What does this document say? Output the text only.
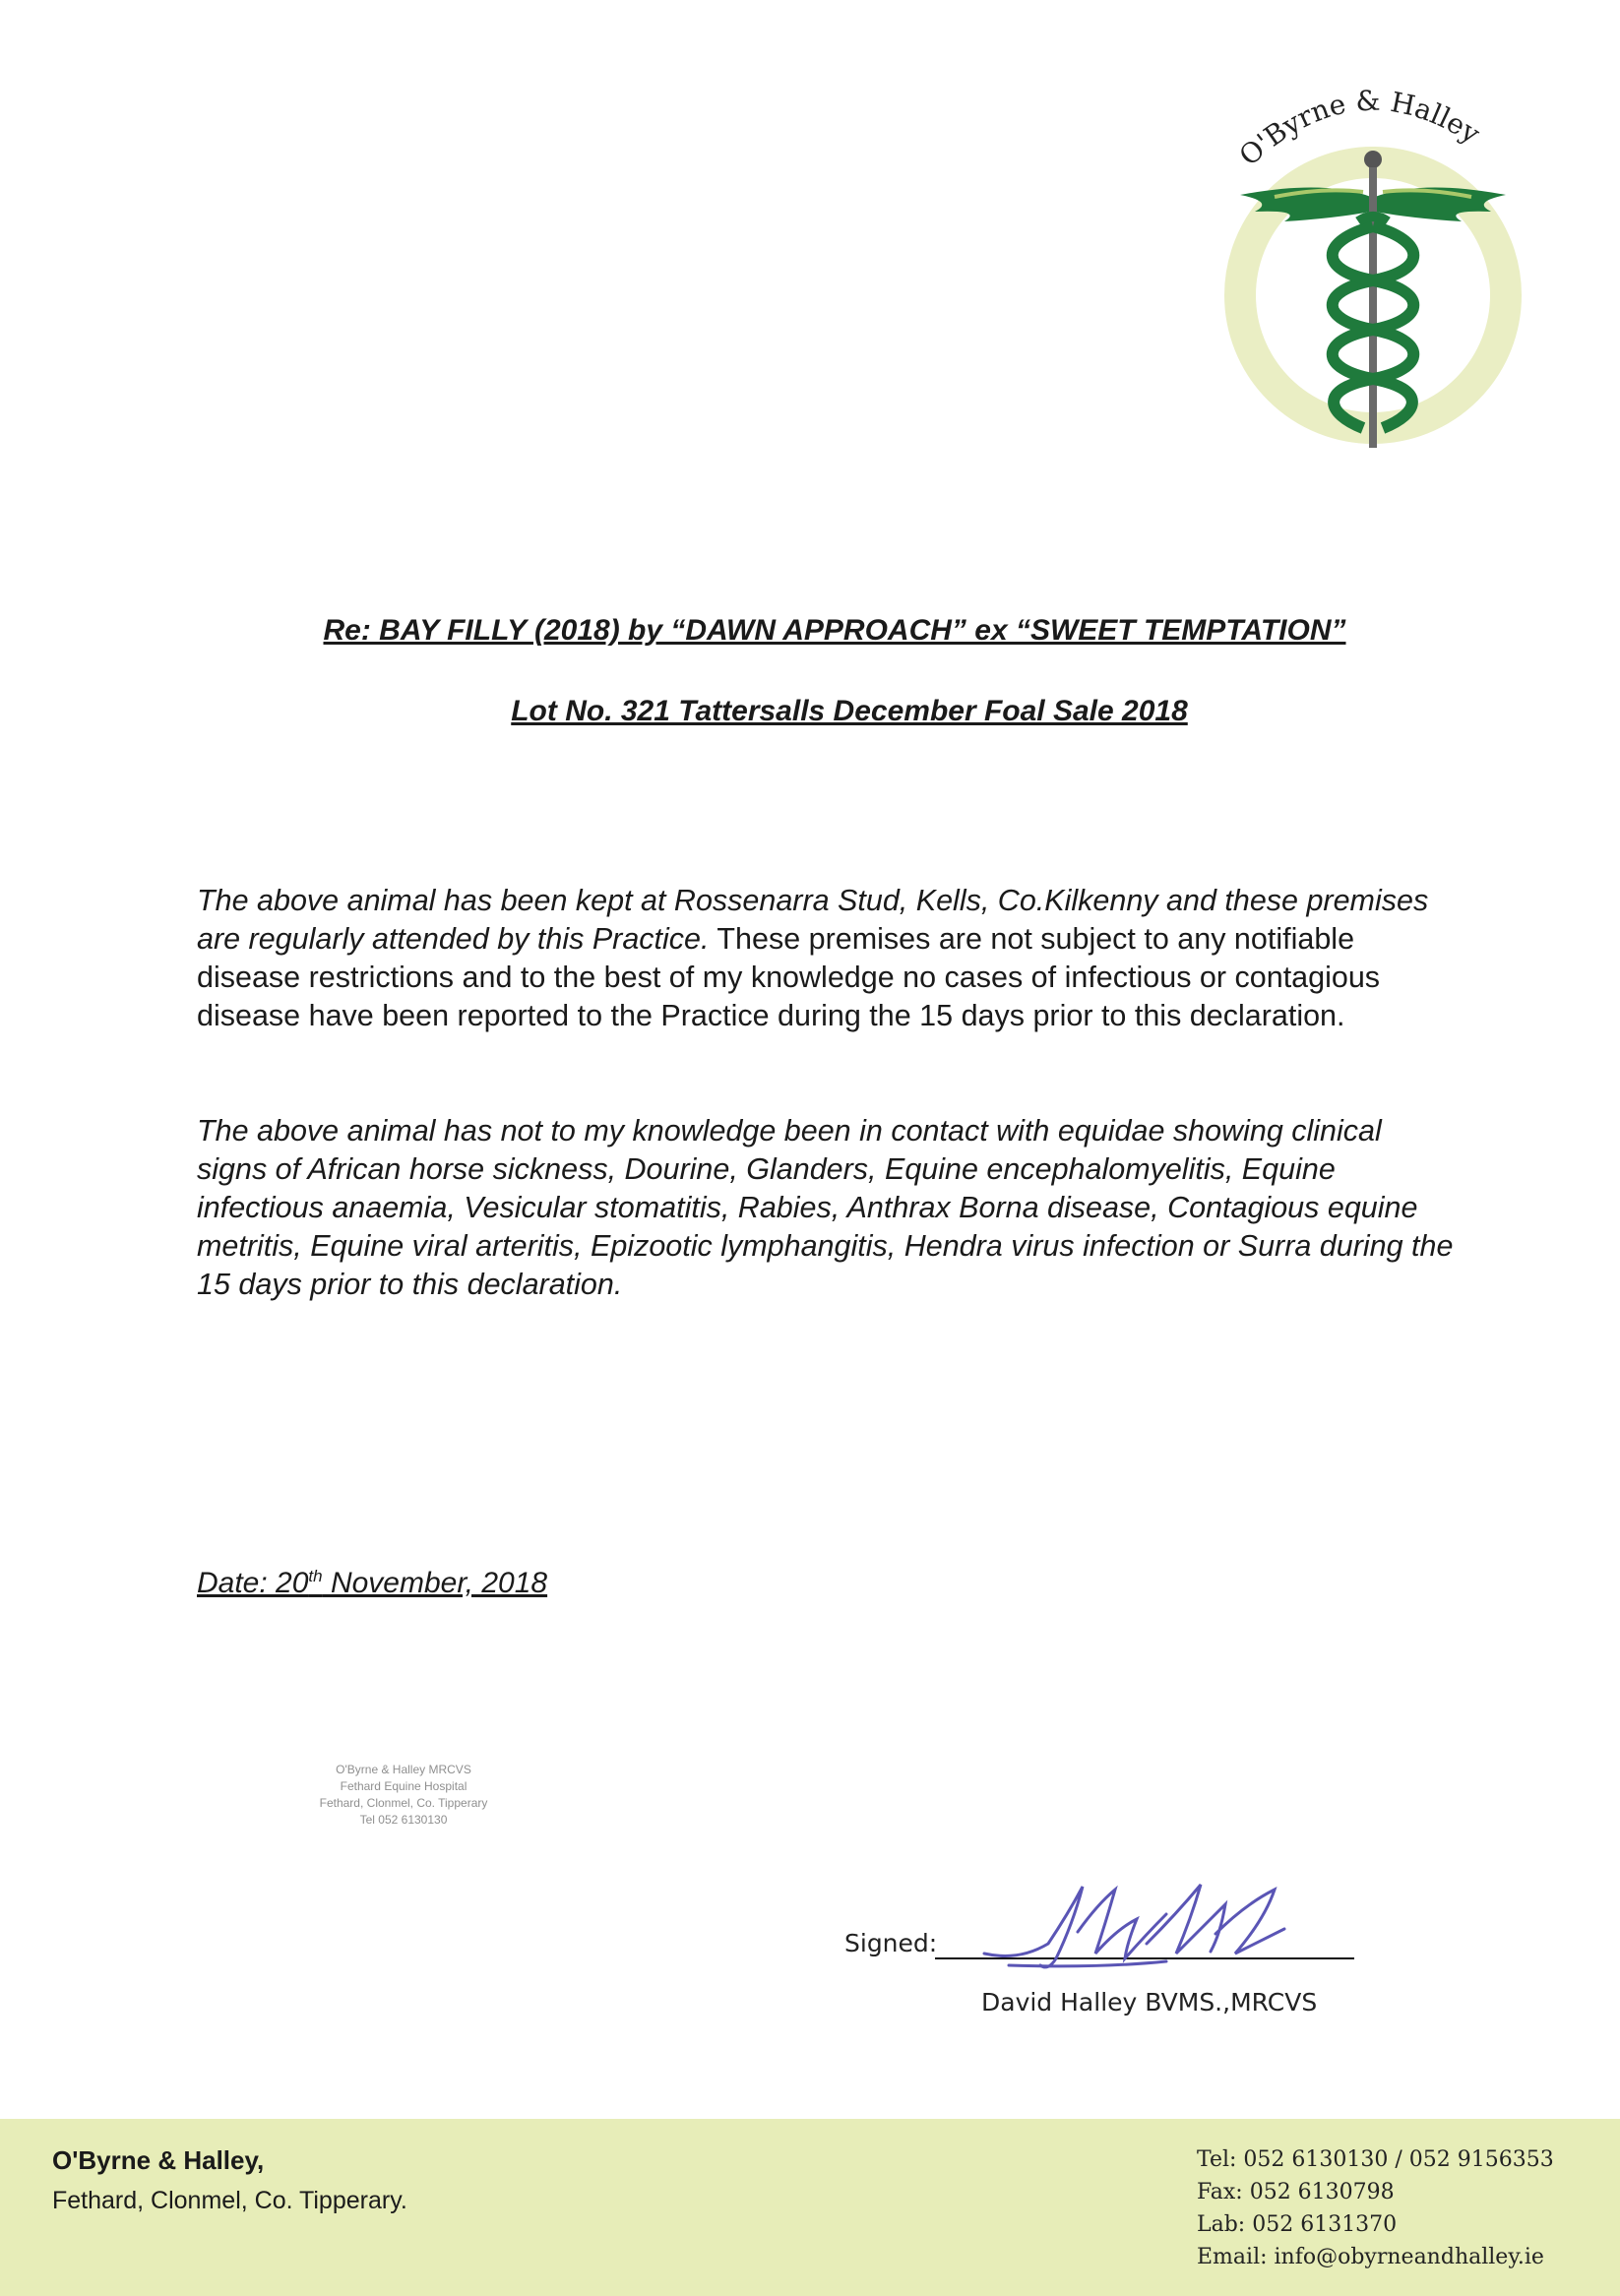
O'Byrne & Halley
Re: BAY FILLY (2018) by “DAWN APPROACH” ex “SWEET TEMPTATION”
Lot No. 321 Tattersalls December Foal Sale 2018
The above animal has been kept at Rossenarra Stud, Kells, Co.Kilkenny and these premises are regularly attended by this Practice. These premises are not subject to any notifiable disease restrictions and to the best of my knowledge no cases of infectious or contagious disease have been reported to the Practice during the 15 days prior to this declaration.
The above animal has not to my knowledge been in contact with equidae showing clinical signs of African horse sickness, Dourine, Glanders, Equine encephalomyelitis, Equine infectious anaemia, Vesicular stomatitis, Rabies, Anthrax Borna disease, Contagious equine metritis, Equine viral arteritis, Epizootic lymphangitis, Hendra virus infection or Surra during the 15 days prior to this declaration.
Date: 20th November, 2018
O'Byrne & Halley MRCVS
Fethard Equine Hospital
Fethard, Clonmel, Co. Tipperary
Tel 052 6130130
Signed:
David Halley BVMS.,MRCVS
O'Byrne & Halley,
Fethard, Clonmel, Co. Tipperary.
Tel: 052 6130130 / 052 9156353
Fax: 052 6130798
Lab: 052 6131370
Email: info@obyrneandhalley.ie
